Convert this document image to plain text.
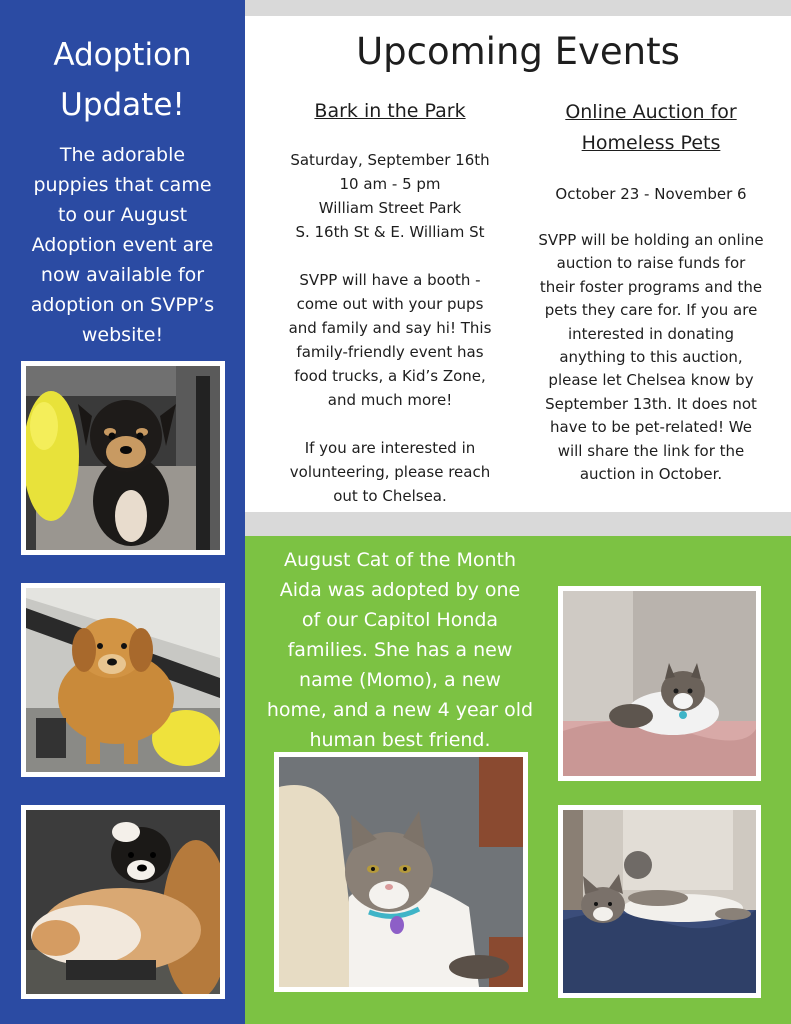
Adoption
Update!
The adorable
puppies that came
to our August
Adoption event are
now available for
adoption on SVPP’s
website!
Upcoming Events
Bark in the Park
Saturday, September 16th
10 am - 5 pm
William Street Park
S. 16th St & E. William St
SVPP will have a booth -
come out with your pups
and family and say hi! This
family-friendly event has
food trucks, a Kid’s Zone,
and much more!
If you are interested in
volunteering, please reach
out to Chelsea.
Online Auction for
Homeless Pets
October 23 - November 6
SVPP will be holding an online
auction to raise funds for
their foster programs and the
pets they care for. If you are
interested in donating
anything to this auction,
please let Chelsea know by
September 13th. It does not
have to be pet-related! We
will share the link for the
auction in October.
August Cat of the Month
Aida was adopted by one
of our Capitol Honda
families. She has a new
name (Momo), a new
home, and a new 4 year old
human best friend.
